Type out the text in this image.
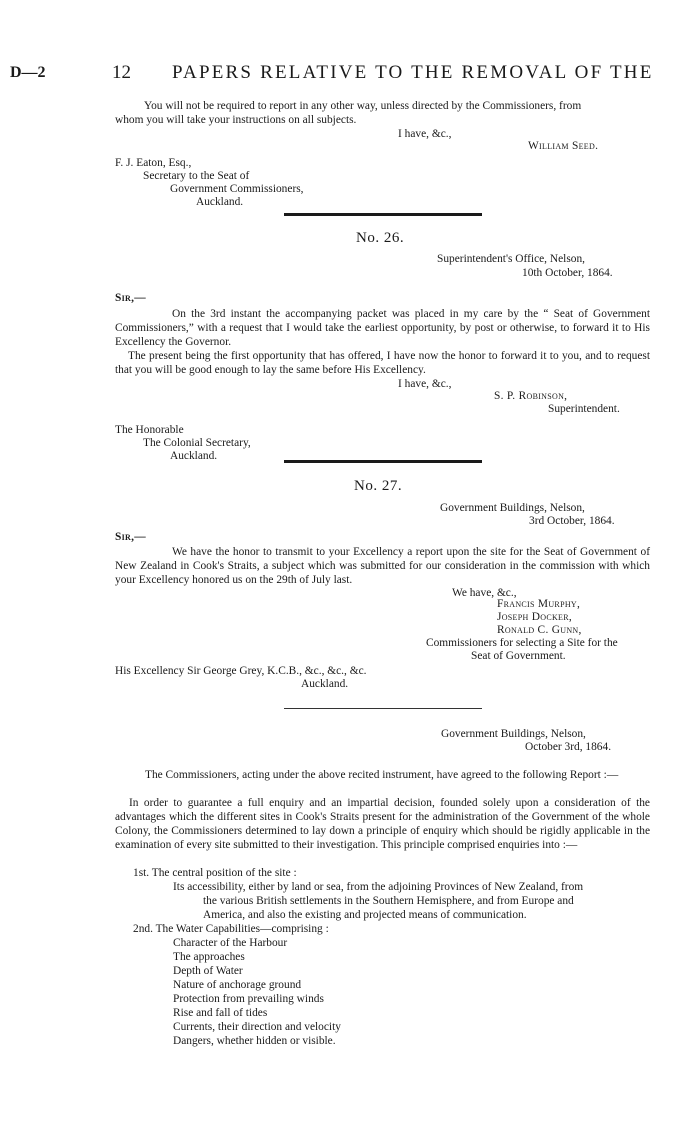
D—2	12 PAPERS RELATIVE TO THE REMOVAL OF THE
You will not be required to report in any other way, unless directed by the Commissioners, from
whom you will take your instructions on all subjects.
I have, &c.,
William Seed.
F. J. Eaton, Esq.,
Secretary to the Seat of
Government Commissioners,
Auckland.
No. 26.
Superintendent's Office, Nelson,
10th October, 1864.
Sir,—

On the 3rd instant the accompanying packet was placed in my care by the “ Seat of Government Commissioners,” with a request that I would take the earliest opportunity, by post or otherwise, to forward it to His Excellency the Governor.

The present being the first opportunity that has offered, I have now the honor to forward it to you, and to request that you will be good enough to lay the same before His Excellency.

I have, &c.,
S. P. Robinson,
Superintendent.
The Honorable
The Colonial Secretary,
Auckland.
No. 27.
Government Buildings, Nelson,
3rd October, 1864.
Sir,—

We have the honor to transmit to your Excellency a report upon the site for the Seat of Government of New Zealand in Cook's Straits, a subject which was submitted for our consideration in the commission with which your Excellency honored us on the 29th of July last.

We have, &c.,
Francis Murphy,
Joseph Docker,
Ronald C. Gunn,
Commissioners for selecting a Site for the
Seat of Government.
His Excellency Sir George Grey, K.C.B., &c., &c., &c.
Auckland.
Government Buildings, Nelson,
October 3rd, 1864.

The Commissioners, acting under the above recited instrument, have agreed to the following Report :—

In order to guarantee a full enquiry and an impartial decision, founded solely upon a consideration of the advantages which the different sites in Cook's Straits present for the administration of the Government of the whole Colony, the Commissioners determined to lay down a principle of enquiry which should be rigidly applicable in the examination of every site submitted to their investigation. This principle comprised enquiries into :—

1st. The central position of the site :
Its accessibility, either by land or sea, from the adjoining Provinces of New Zealand, from
the various British settlements in the Southern Hemisphere, and from Europe and
America, and also the existing and projected means of communication.
2nd. The Water Capabilities—comprising :
Character of the Harbour
The approaches
Depth of Water
Nature of anchorage ground
Protection from prevailing winds
Rise and fall of tides
Currents, their direction and velocity
Dangers, whether hidden or visible.
